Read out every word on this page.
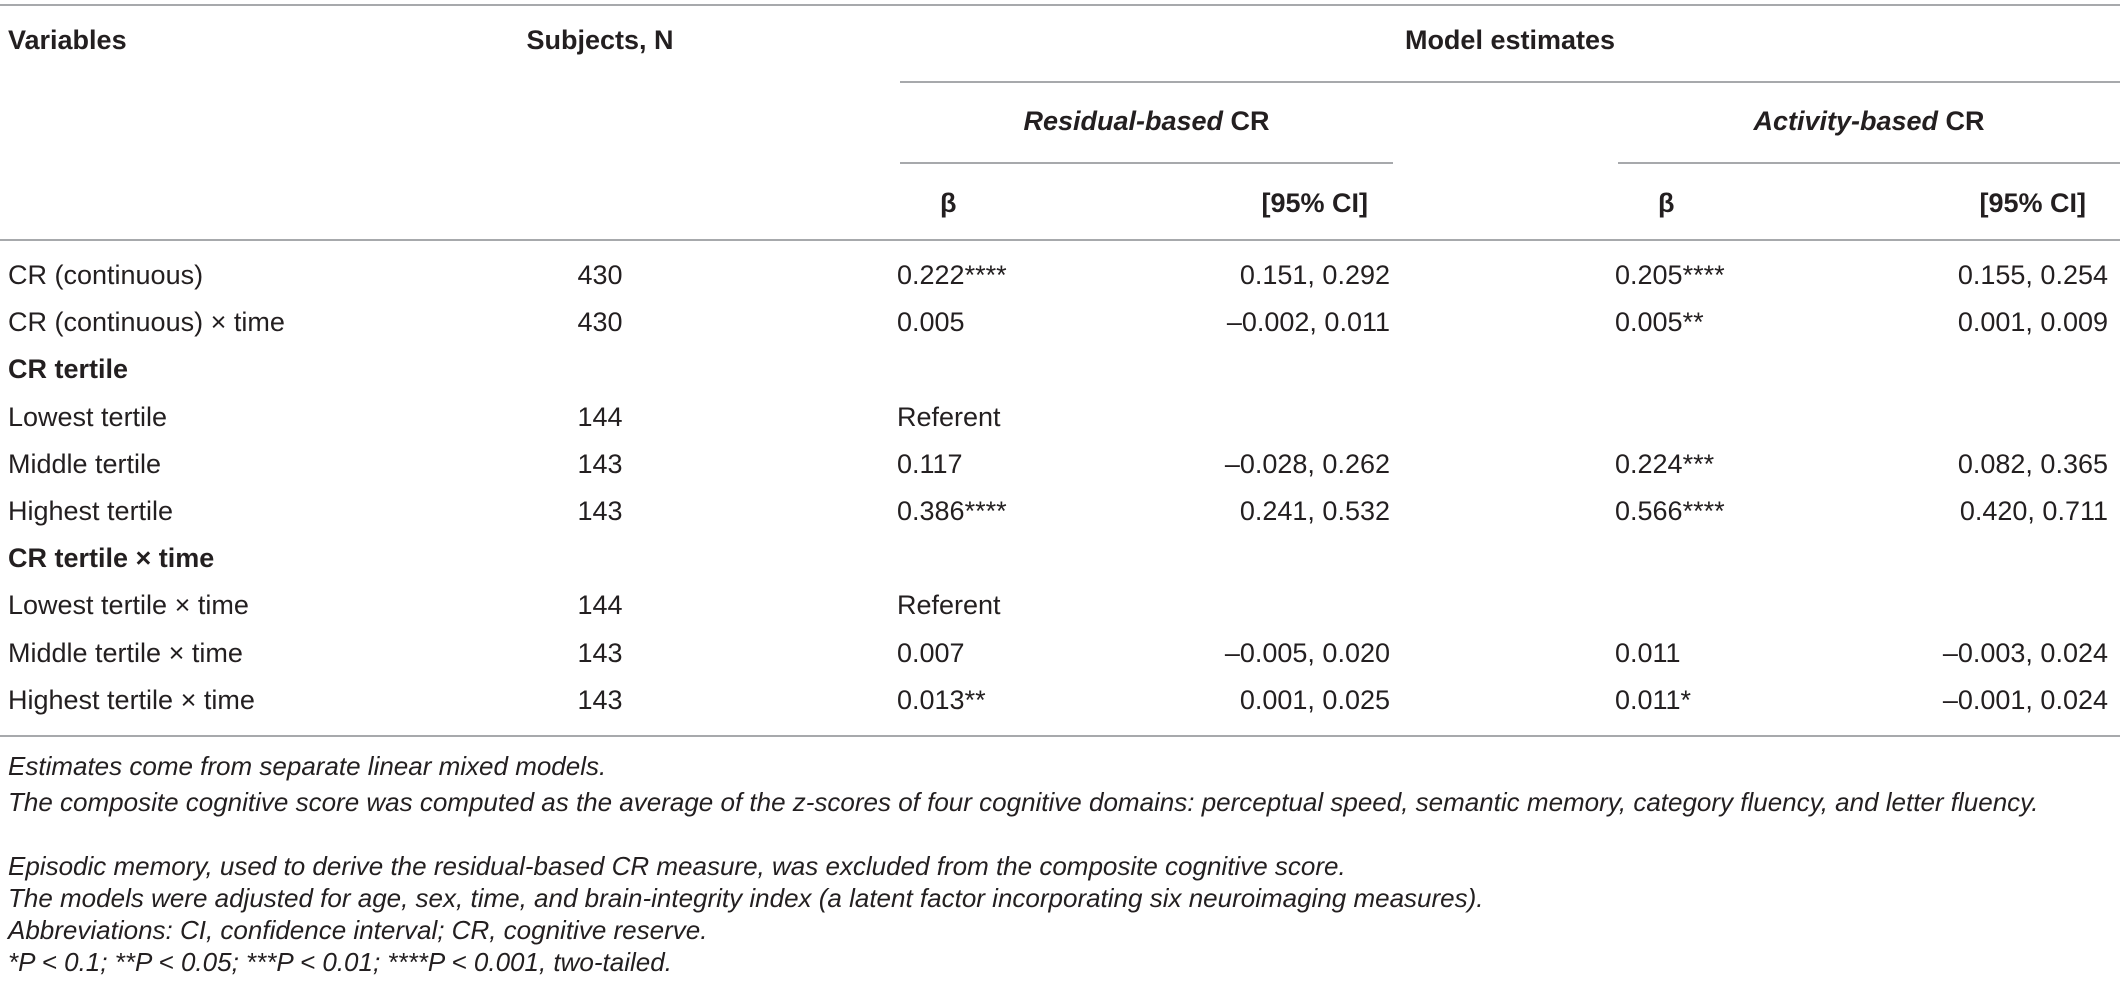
Variables	Subjects, N	Model estimates
Residual-based CR	Activity-based CR
β	[95% CI]	β	[95% CI]
CR (continuous)	430	0.222****	0.151, 0.292	0.205****	0.155, 0.254
CR (continuous) × time	430	0.005	–0.002, 0.011	0.005**	0.001, 0.009
CR tertile
Lowest tertile	144	Referent
Middle tertile	143	0.117	–0.028, 0.262	0.224***	0.082, 0.365
Highest tertile	143	0.386****	0.241, 0.532	0.566****	0.420, 0.711
CR tertile × time
Lowest tertile × time	144	Referent
Middle tertile × time	143	0.007	–0.005, 0.020	0.011	–0.003, 0.024
Highest tertile × time	143	0.013**	0.001, 0.025	0.011*	–0.001, 0.024
Estimates come from separate linear mixed models.
The composite cognitive score was computed as the average of the z-scores of four cognitive domains: perceptual speed, semantic memory, category fluency, and letter fluency.
Episodic memory, used to derive the residual-based CR measure, was excluded from the composite cognitive score.
The models were adjusted for age, sex, time, and brain-integrity index (a latent factor incorporating six neuroimaging measures).
Abbreviations: CI, confidence interval; CR, cognitive reserve.
*P < 0.1; **P < 0.05; ***P < 0.01; ****P < 0.001, two-tailed.
